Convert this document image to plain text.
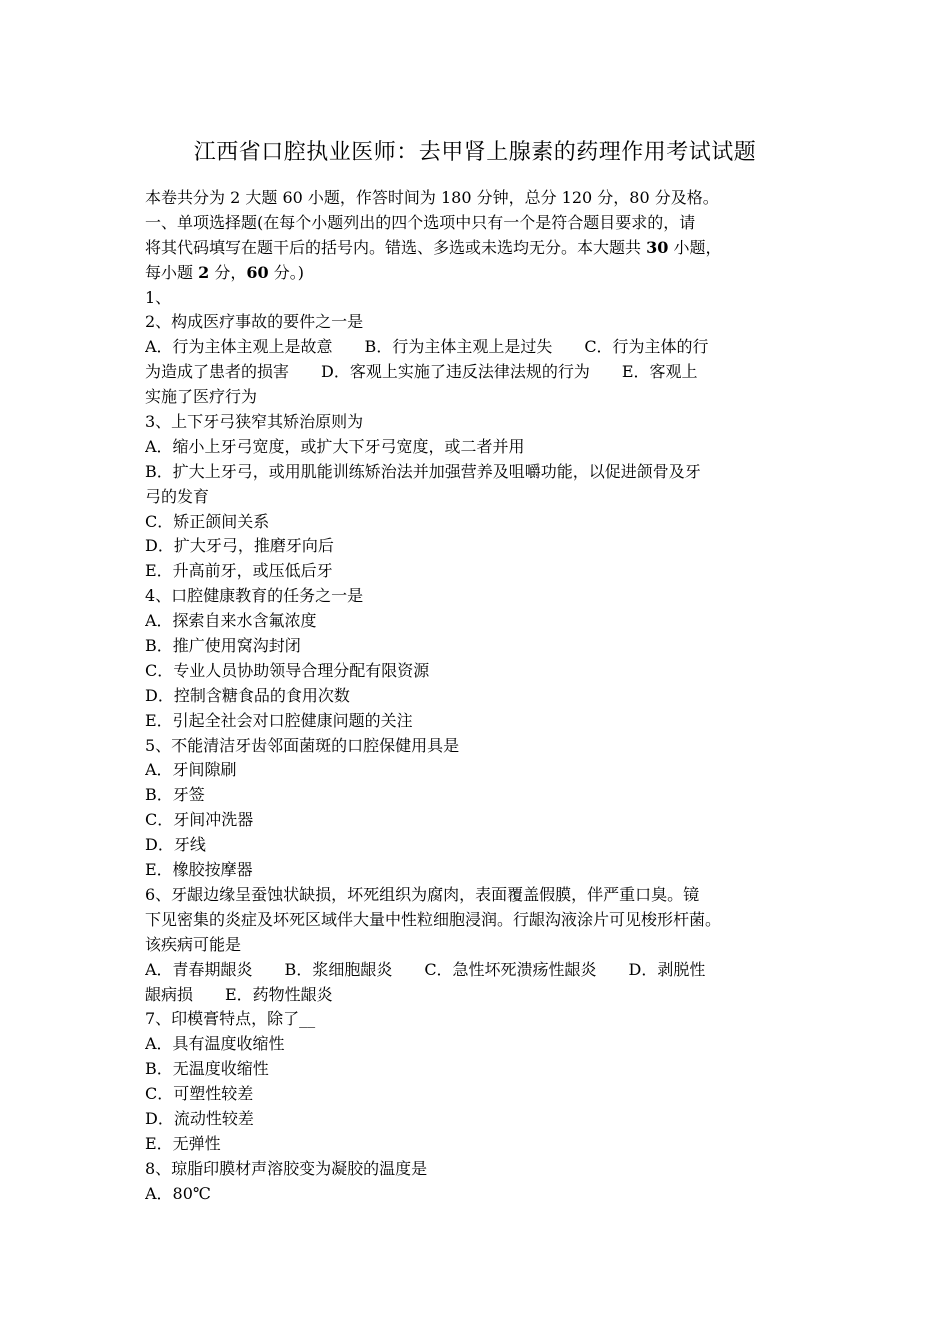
江西省口腔执业医师：去甲肾上腺素的药理作用考试试题
本卷共分为 2 大题 60 小题，作答时间为 180 分钟，总分 120 分，80 分及格。
一、单项选择题(在每个小题列出的四个选项中只有一个是符合题目要求的，请
将其代码填写在题干后的括号内。错选、多选或未选均无分。本大题共 30 小题，
每小题 2 分，60 分。)
1、
2、构成医疗事故的要件之一是
A．行为主体主观上是故意　　B．行为主体主观上是过失　　C．行为主体的行
为造成了患者的损害　　D．客观上实施了违反法律法规的行为　　E．客观上
实施了医疗行为
3、上下牙弓狭窄其矫治原则为
A．缩小上牙弓宽度，或扩大下牙弓宽度，或二者并用
B．扩大上牙弓，或用肌能训练矫治法并加强营养及咀嚼功能，以促进颌骨及牙
弓的发育
C．矫正颌间关系
D．扩大牙弓，推磨牙向后
E．升高前牙，或压低后牙
4、口腔健康教育的任务之一是
A．探索自来水含氟浓度
B．推广使用窝沟封闭
C．专业人员协助领导合理分配有限资源
D．控制含糖食品的食用次数
E．引起全社会对口腔健康问题的关注
5、不能清洁牙齿邻面菌斑的口腔保健用具是
A．牙间隙刷
B．牙签
C．牙间冲洗器
D．牙线
E．橡胶按摩器
6、牙龈边缘呈蚕蚀状缺损，坏死组织为腐肉，表面覆盖假膜，伴严重口臭。镜
下见密集的炎症及坏死区域伴大量中性粒细胞浸润。行龈沟液涂片可见梭形杆菌。
该疾病可能是
A．青春期龈炎　　B．浆细胞龈炎　　C．急性坏死溃疡性龈炎　　D．剥脱性
龈病损　　E．药物性龈炎
7、印模膏特点，除了__
A．具有温度收缩性
B．无温度收缩性
C．可塑性较差
D．流动性较差
E．无弹性
8、琼脂印膜材声溶胶变为凝胶的温度是
A．80℃
